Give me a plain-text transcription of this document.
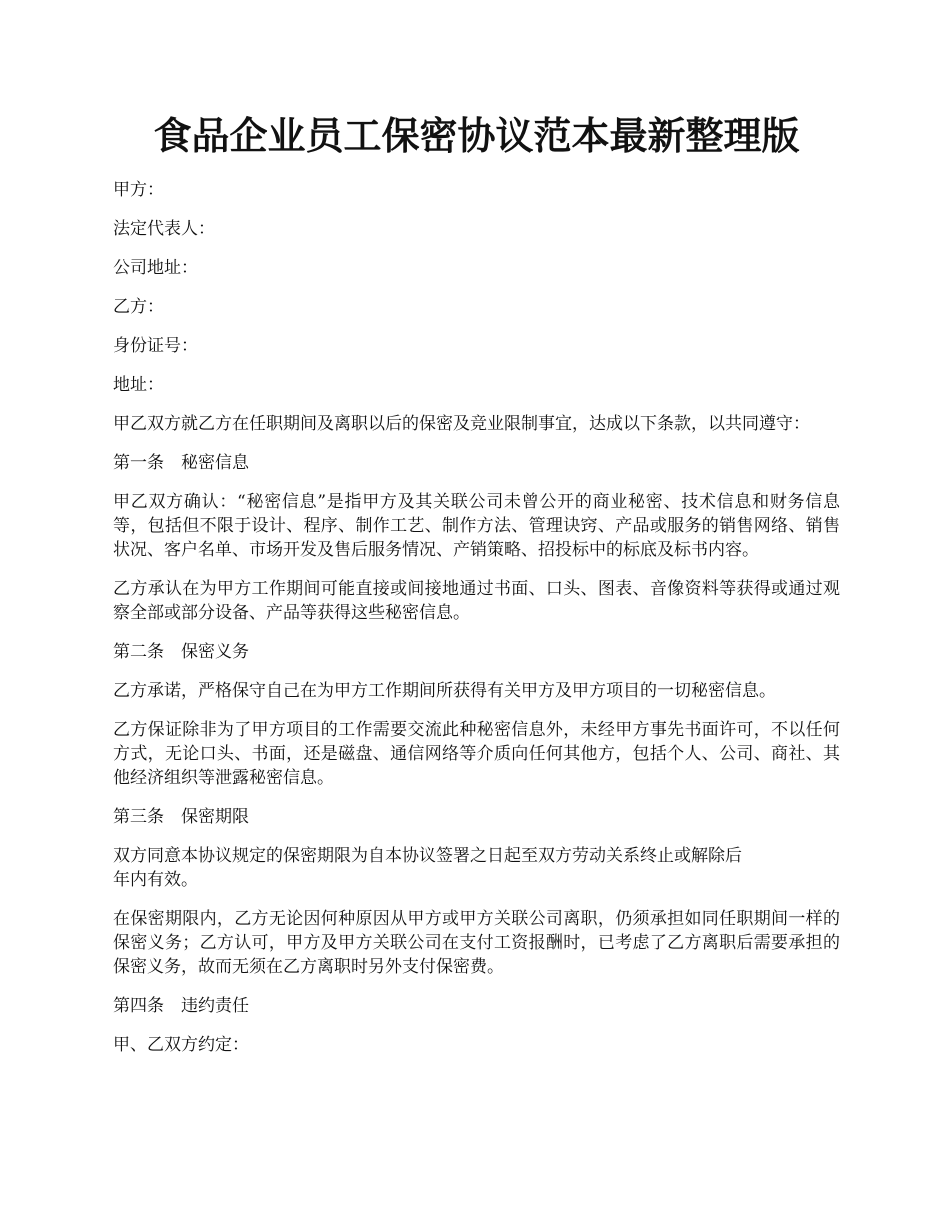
食品企业员工保密协议范本最新整理版

甲方：

法定代表人：

公司地址：

乙方：

身份证号：

地址：

甲乙双方就乙方在任职期间及离职以后的保密及竞业限制事宜，达成以下条款，以共同遵守：

第一条　秘密信息

甲乙双方确认：“秘密信息”是指甲方及其关联公司未曾公开的商业秘密、技术信息和财务信息等，包括但不限于设计、程序、制作工艺、制作方法、管理诀窍、产品或服务的销售网络、销售状况、客户名单、市场开发及售后服务情况、产销策略、招投标中的标底及标书内容。

乙方承认在为甲方工作期间可能直接或间接地通过书面、口头、图表、音像资料等获得或通过观察全部或部分设备、产品等获得这些秘密信息。

第二条　保密义务

乙方承诺，严格保守自己在为甲方工作期间所获得有关甲方及甲方项目的一切秘密信息。

乙方保证除非为了甲方项目的工作需要交流此种秘密信息外，未经甲方事先书面许可，不以任何方式，无论口头、书面，还是磁盘、通信网络等介质向任何其他方，包括个人、公司、商社、其他经济组织等泄露秘密信息。

第三条　保密期限

双方同意本协议规定的保密期限为自本协议签署之日起至双方劳动关系终止或解除后
年内有效。

在保密期限内，乙方无论因何种原因从甲方或甲方关联公司离职，仍须承担如同任职期间一样的保密义务；乙方认可，甲方及甲方关联公司在支付工资报酬时，已考虑了乙方离职后需要承担的保密义务，故而无须在乙方离职时另外支付保密费。

第四条　违约责任

甲、乙双方约定：
